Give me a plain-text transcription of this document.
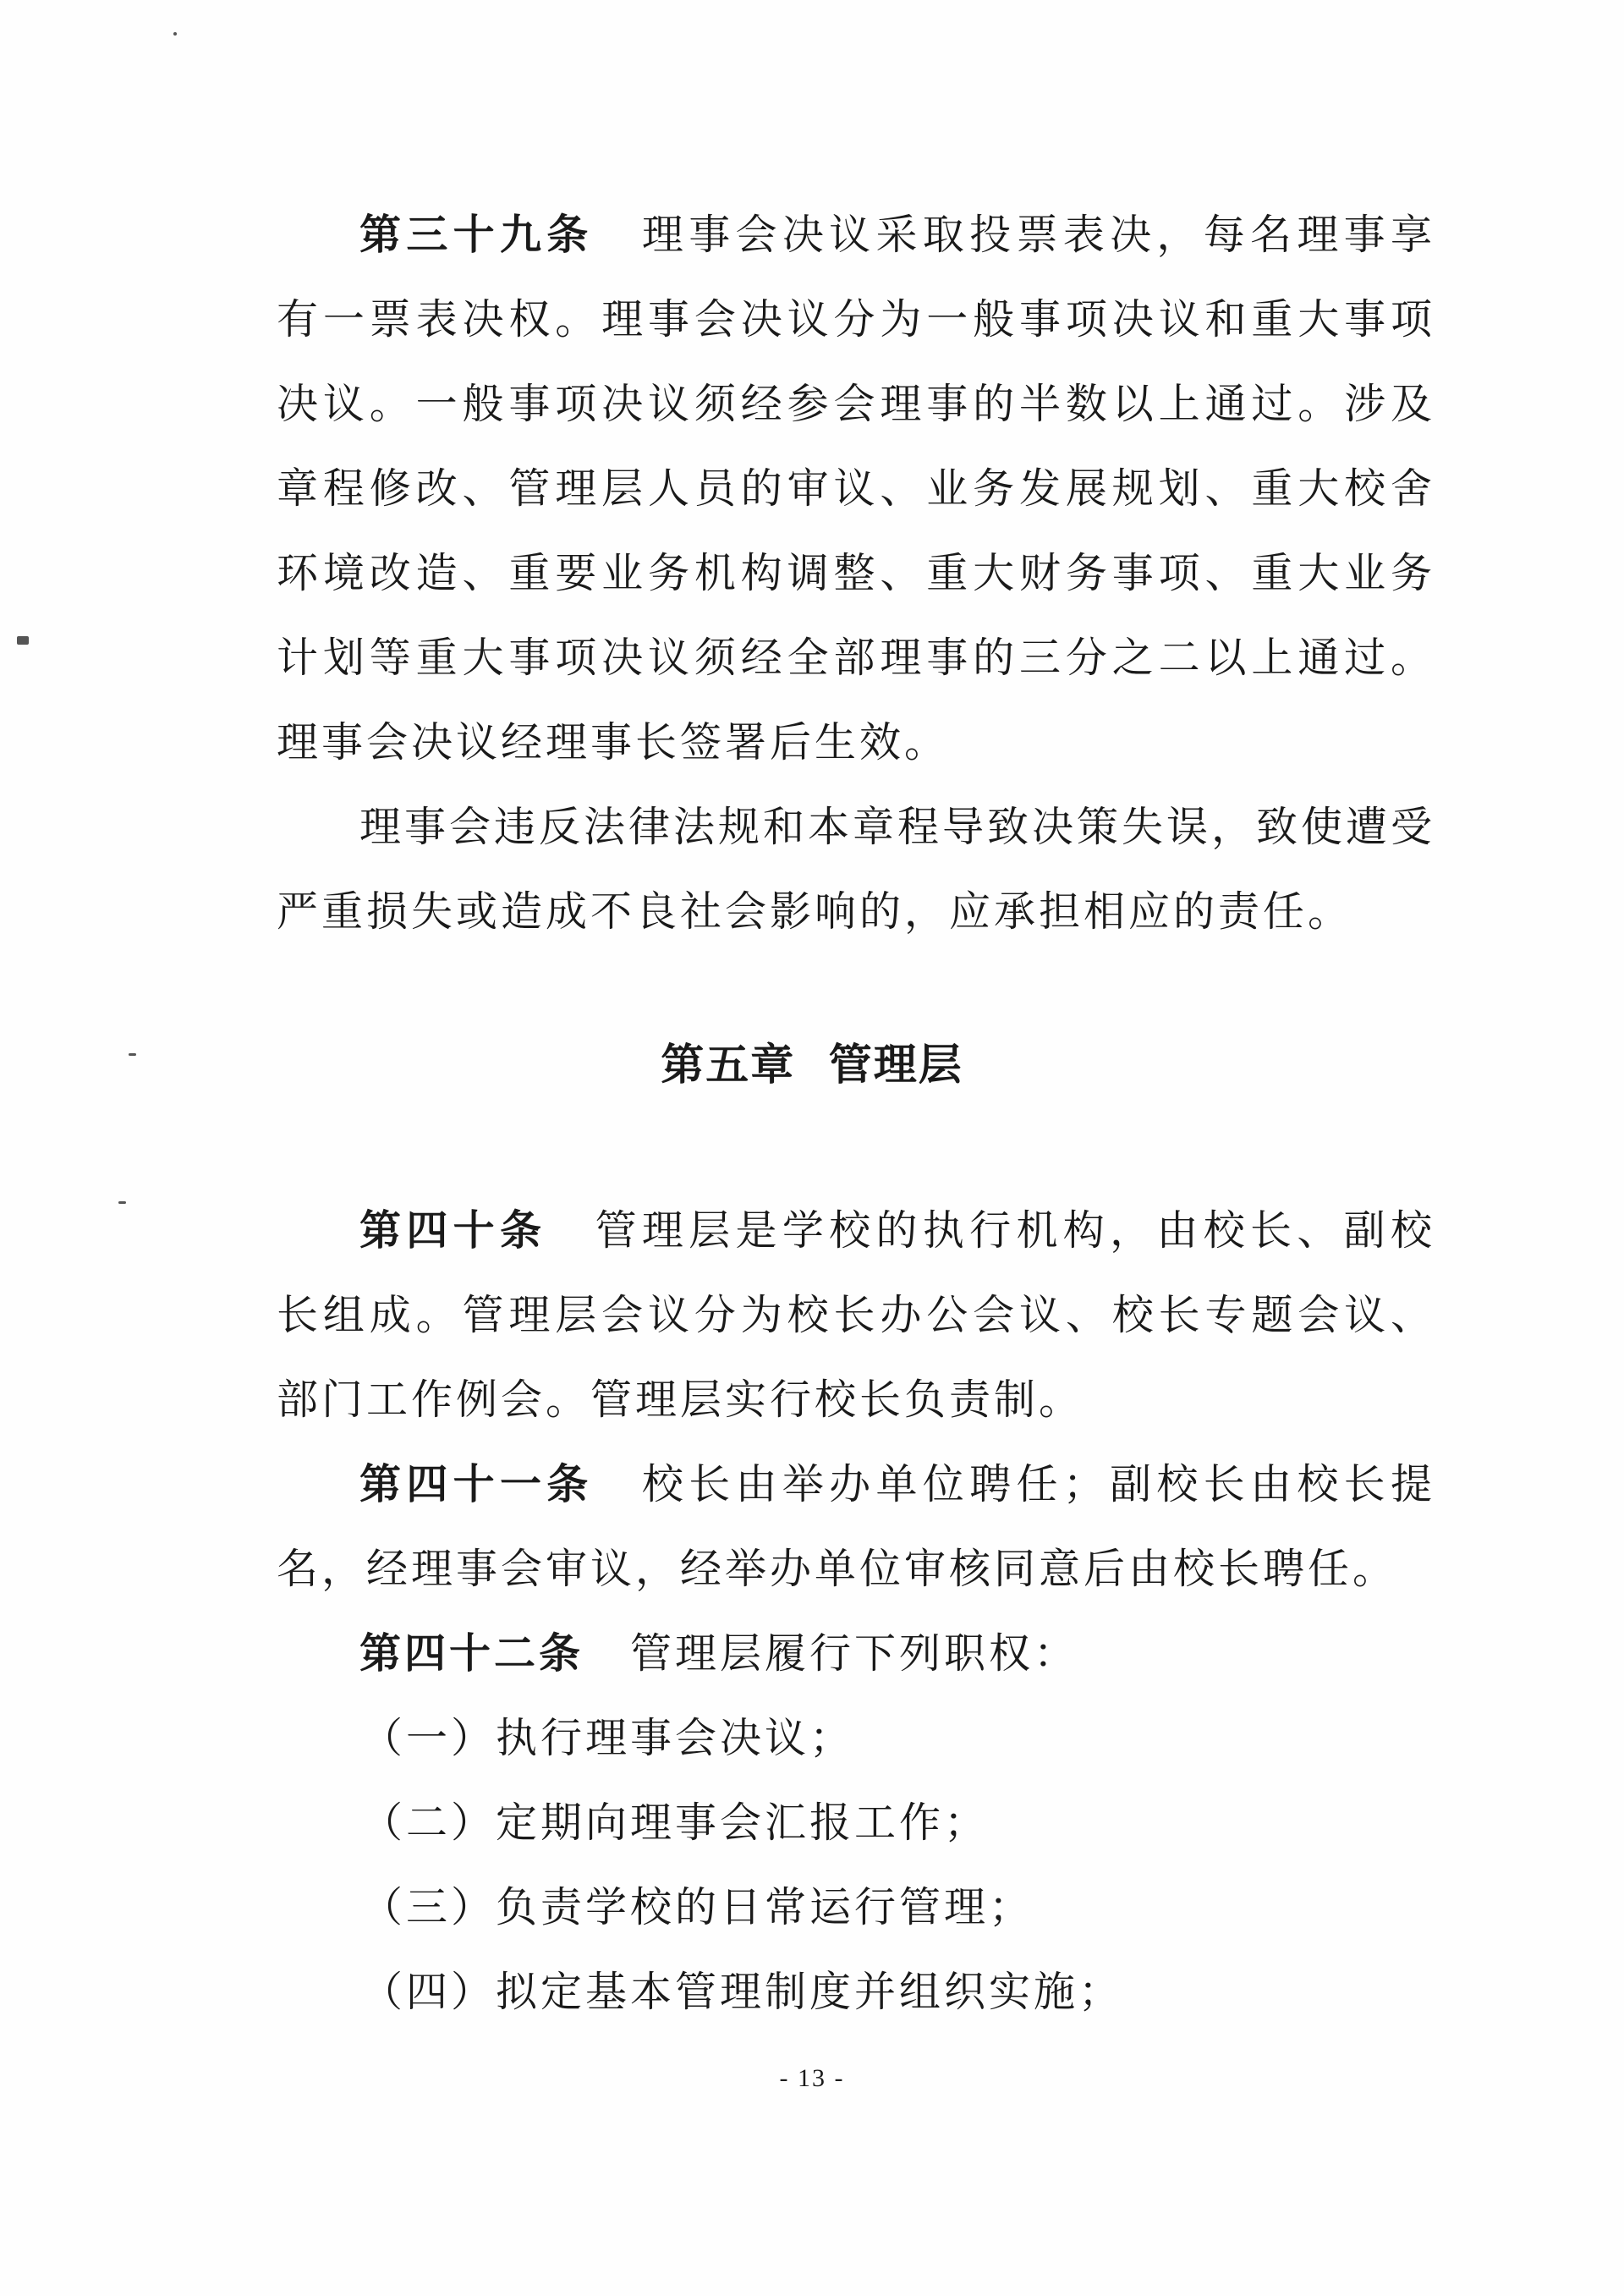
第三十九条 理事会决议采取投票表决，每名理事享有一票表决权。理事会决议分为一般事项决议和重大事项决议。一般事项决议须经参会理事的半数以上通过。涉及章程修改、管理层人员的审议、业务发展规划、重大校舍环境改造、重要业务机构调整、重大财务事项、重大业务计划等重大事项决议须经全部理事的三分之二以上通过。理事会决议经理事长签署后生效。

理事会违反法律法规和本章程导致决策失误，致使遭受严重损失或造成不良社会影响的，应承担相应的责任。

第五章  管理层

第四十条 管理层是学校的执行机构，由校长、副校长组成。管理层会议分为校长办公会议、校长专题会议、部门工作例会。管理层实行校长负责制。

第四十一条 校长由举办单位聘任；副校长由校长提名，经理事会审议，经举办单位审核同意后由校长聘任。

第四十二条 管理层履行下列职权：

（一）执行理事会决议；

（二）定期向理事会汇报工作；

（三）负责学校的日常运行管理；

（四）拟定基本管理制度并组织实施；

- 13 -
